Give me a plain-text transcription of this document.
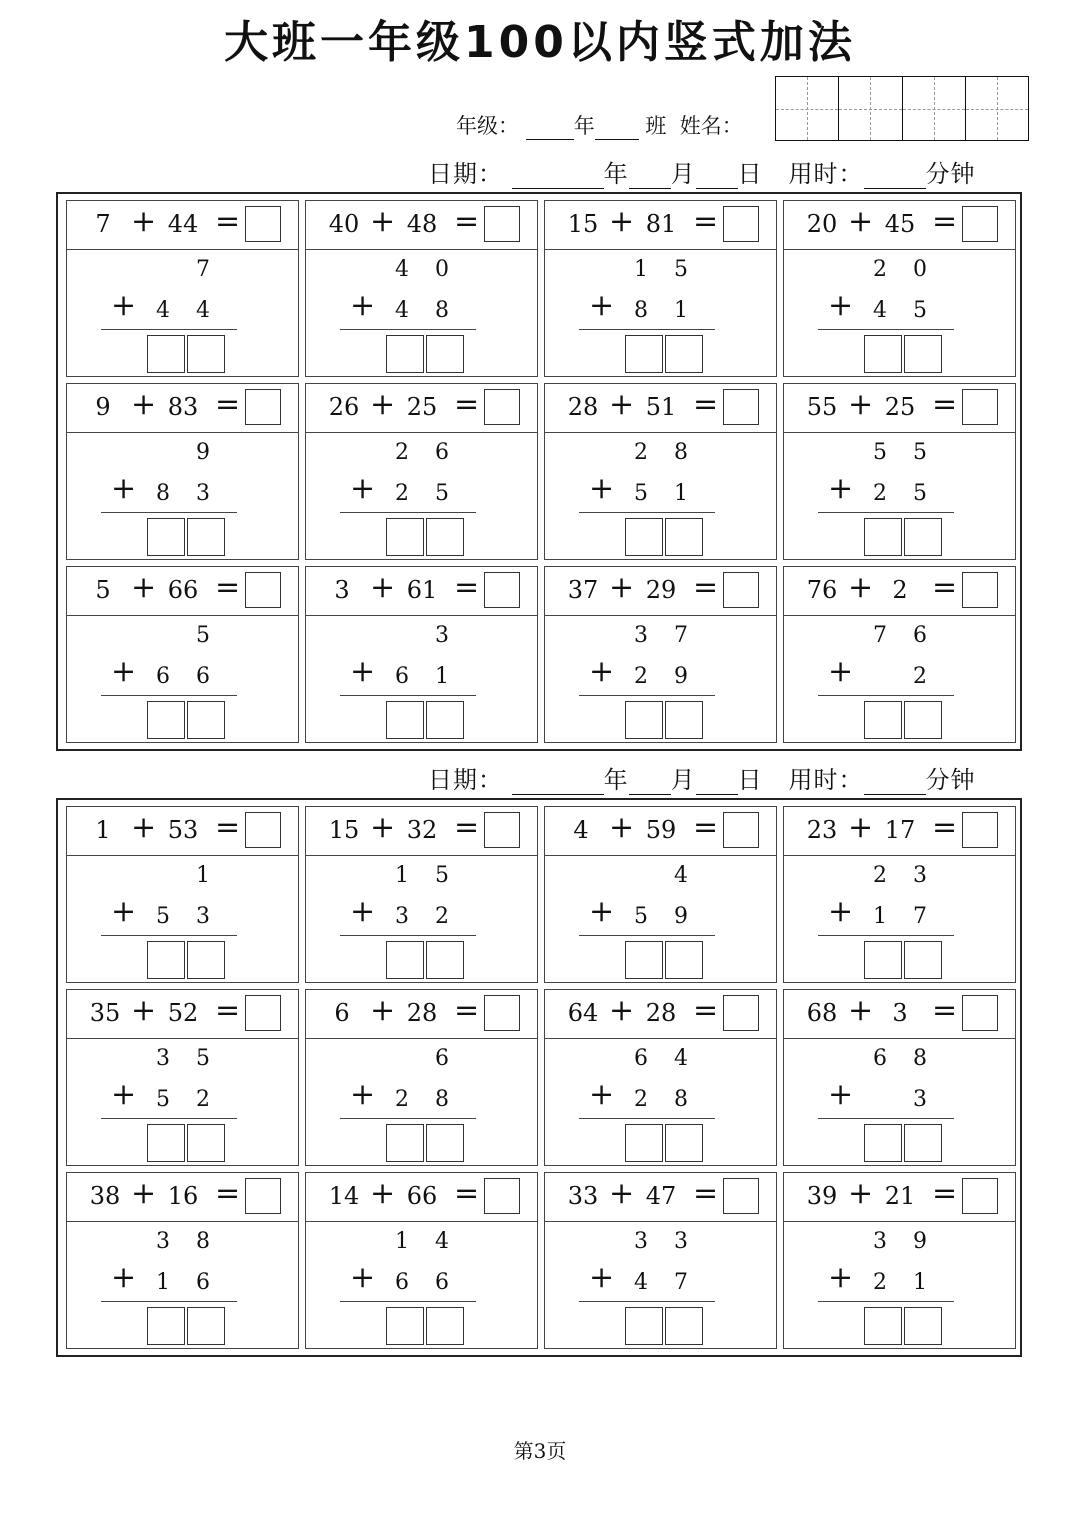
大班一年级100以内竖式加法
年级：	年 班 姓名：
日期：	年 月 日 用时：	分钟
7 + 44 =
7
+ 4 4
40 + 48 =
4 0
+ 4 8
15 + 81 =
1 5
+ 8 1
20 + 45 =
2 0
+ 4 5
9 + 83 =
9
+ 8 3
26 + 25 =
2 6
+ 2 5
28 + 51 =
2 8
+ 5 1
55 + 25 =
5 5
+ 2 5
5 + 66 =
5
+ 6 6
3 + 61 =
3
+ 6 1
37 + 29 =
3 7
+ 2 9
76 + 2 =
7 6
+	2
日期：	年 月 日 用时：	分钟
1 + 53 =
1
+ 5 3
15 + 32 =
1 5
+ 3 2
4 + 59 =
4
+ 5 9
23 + 17 =
2 3
+ 1 7
35 + 52 =
3 5
+ 5 2
6 + 28 =
6
+ 2 8
64 + 28 =
6 4
+ 2 8
68 + 3 =
6 8
+	3
38 + 16 =
3 8
+ 1 6
14 + 66 =
1 4
+ 6 6
33 + 47 =
3 3
+ 4 7
39 + 21 =
3 9
+ 2 1
第3页
